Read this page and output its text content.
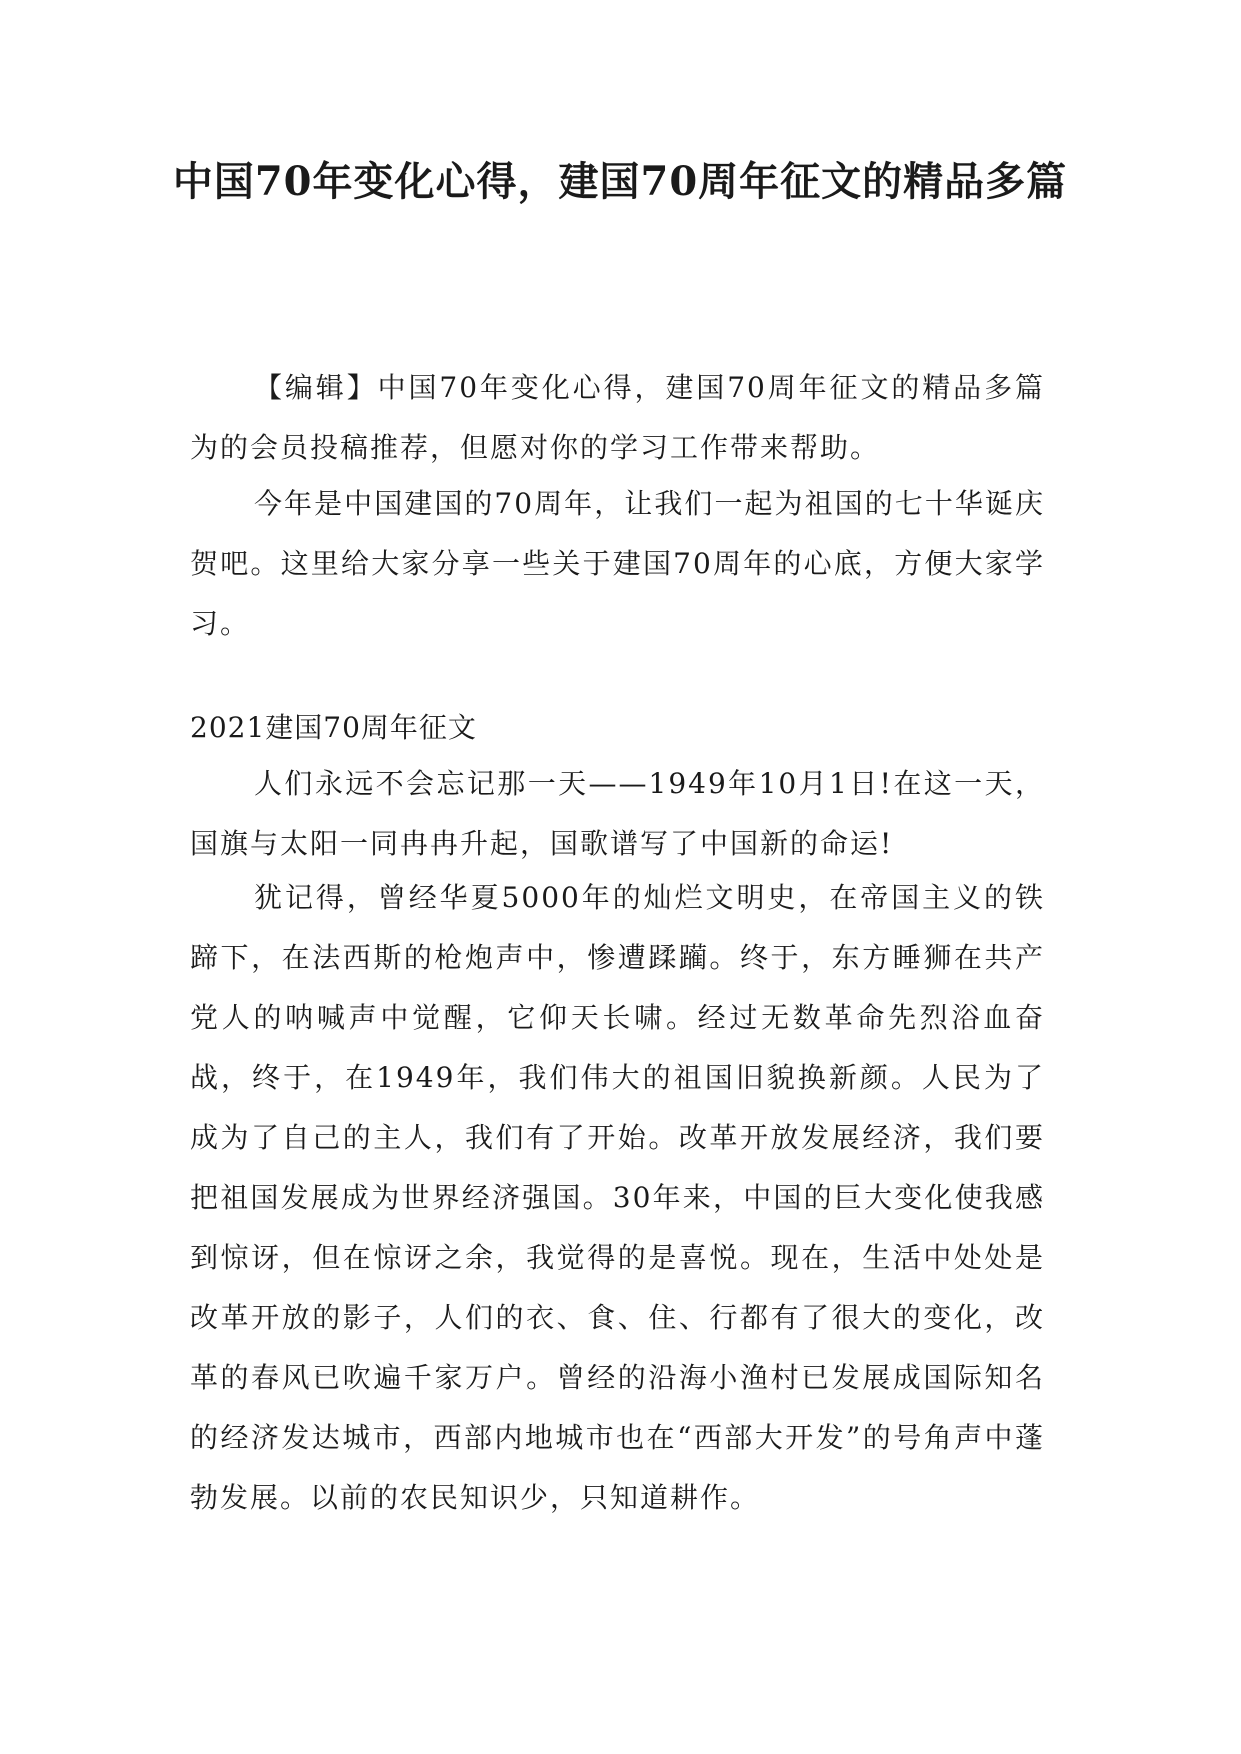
中国70年变化心得，建国70周年征文的精品多篇

【编辑】中国70年变化心得，建国70周年征文的精品多篇为的会员投稿推荐，但愿对你的学习工作带来帮助。

今年是中国建国的70周年，让我们一起为祖国的七十华诞庆贺吧。这里给大家分享一些关于建国70周年的心底，方便大家学习。

2021建国70周年征文

人们永远不会忘记那一天——1949年10月1日!在这一天，国旗与太阳一同冉冉升起，国歌谱写了中国新的命运!

犹记得，曾经华夏5000年的灿烂文明史，在帝国主义的铁蹄下，在法西斯的枪炮声中，惨遭蹂躏。终于，东方睡狮在共产党人的呐喊声中觉醒，它仰天长啸。经过无数革命先烈浴血奋战，终于，在1949年，我们伟大的祖国旧貌换新颜。人民为了成为了自己的主人，我们有了开始。改革开放发展经济，我们要把祖国发展成为世界经济强国。30年来，中国的巨大变化使我感到惊讶，但在惊讶之余，我觉得的是喜悦。现在，生活中处处是改革开放的影子，人们的衣、食、住、行都有了很大的变化，改革的春风已吹遍千家万户。曾经的沿海小渔村已发展成国际知名的经济发达城市，西部内地城市也在“西部大开发”的号角声中蓬勃发展。以前的农民知识少，只知道耕作。
